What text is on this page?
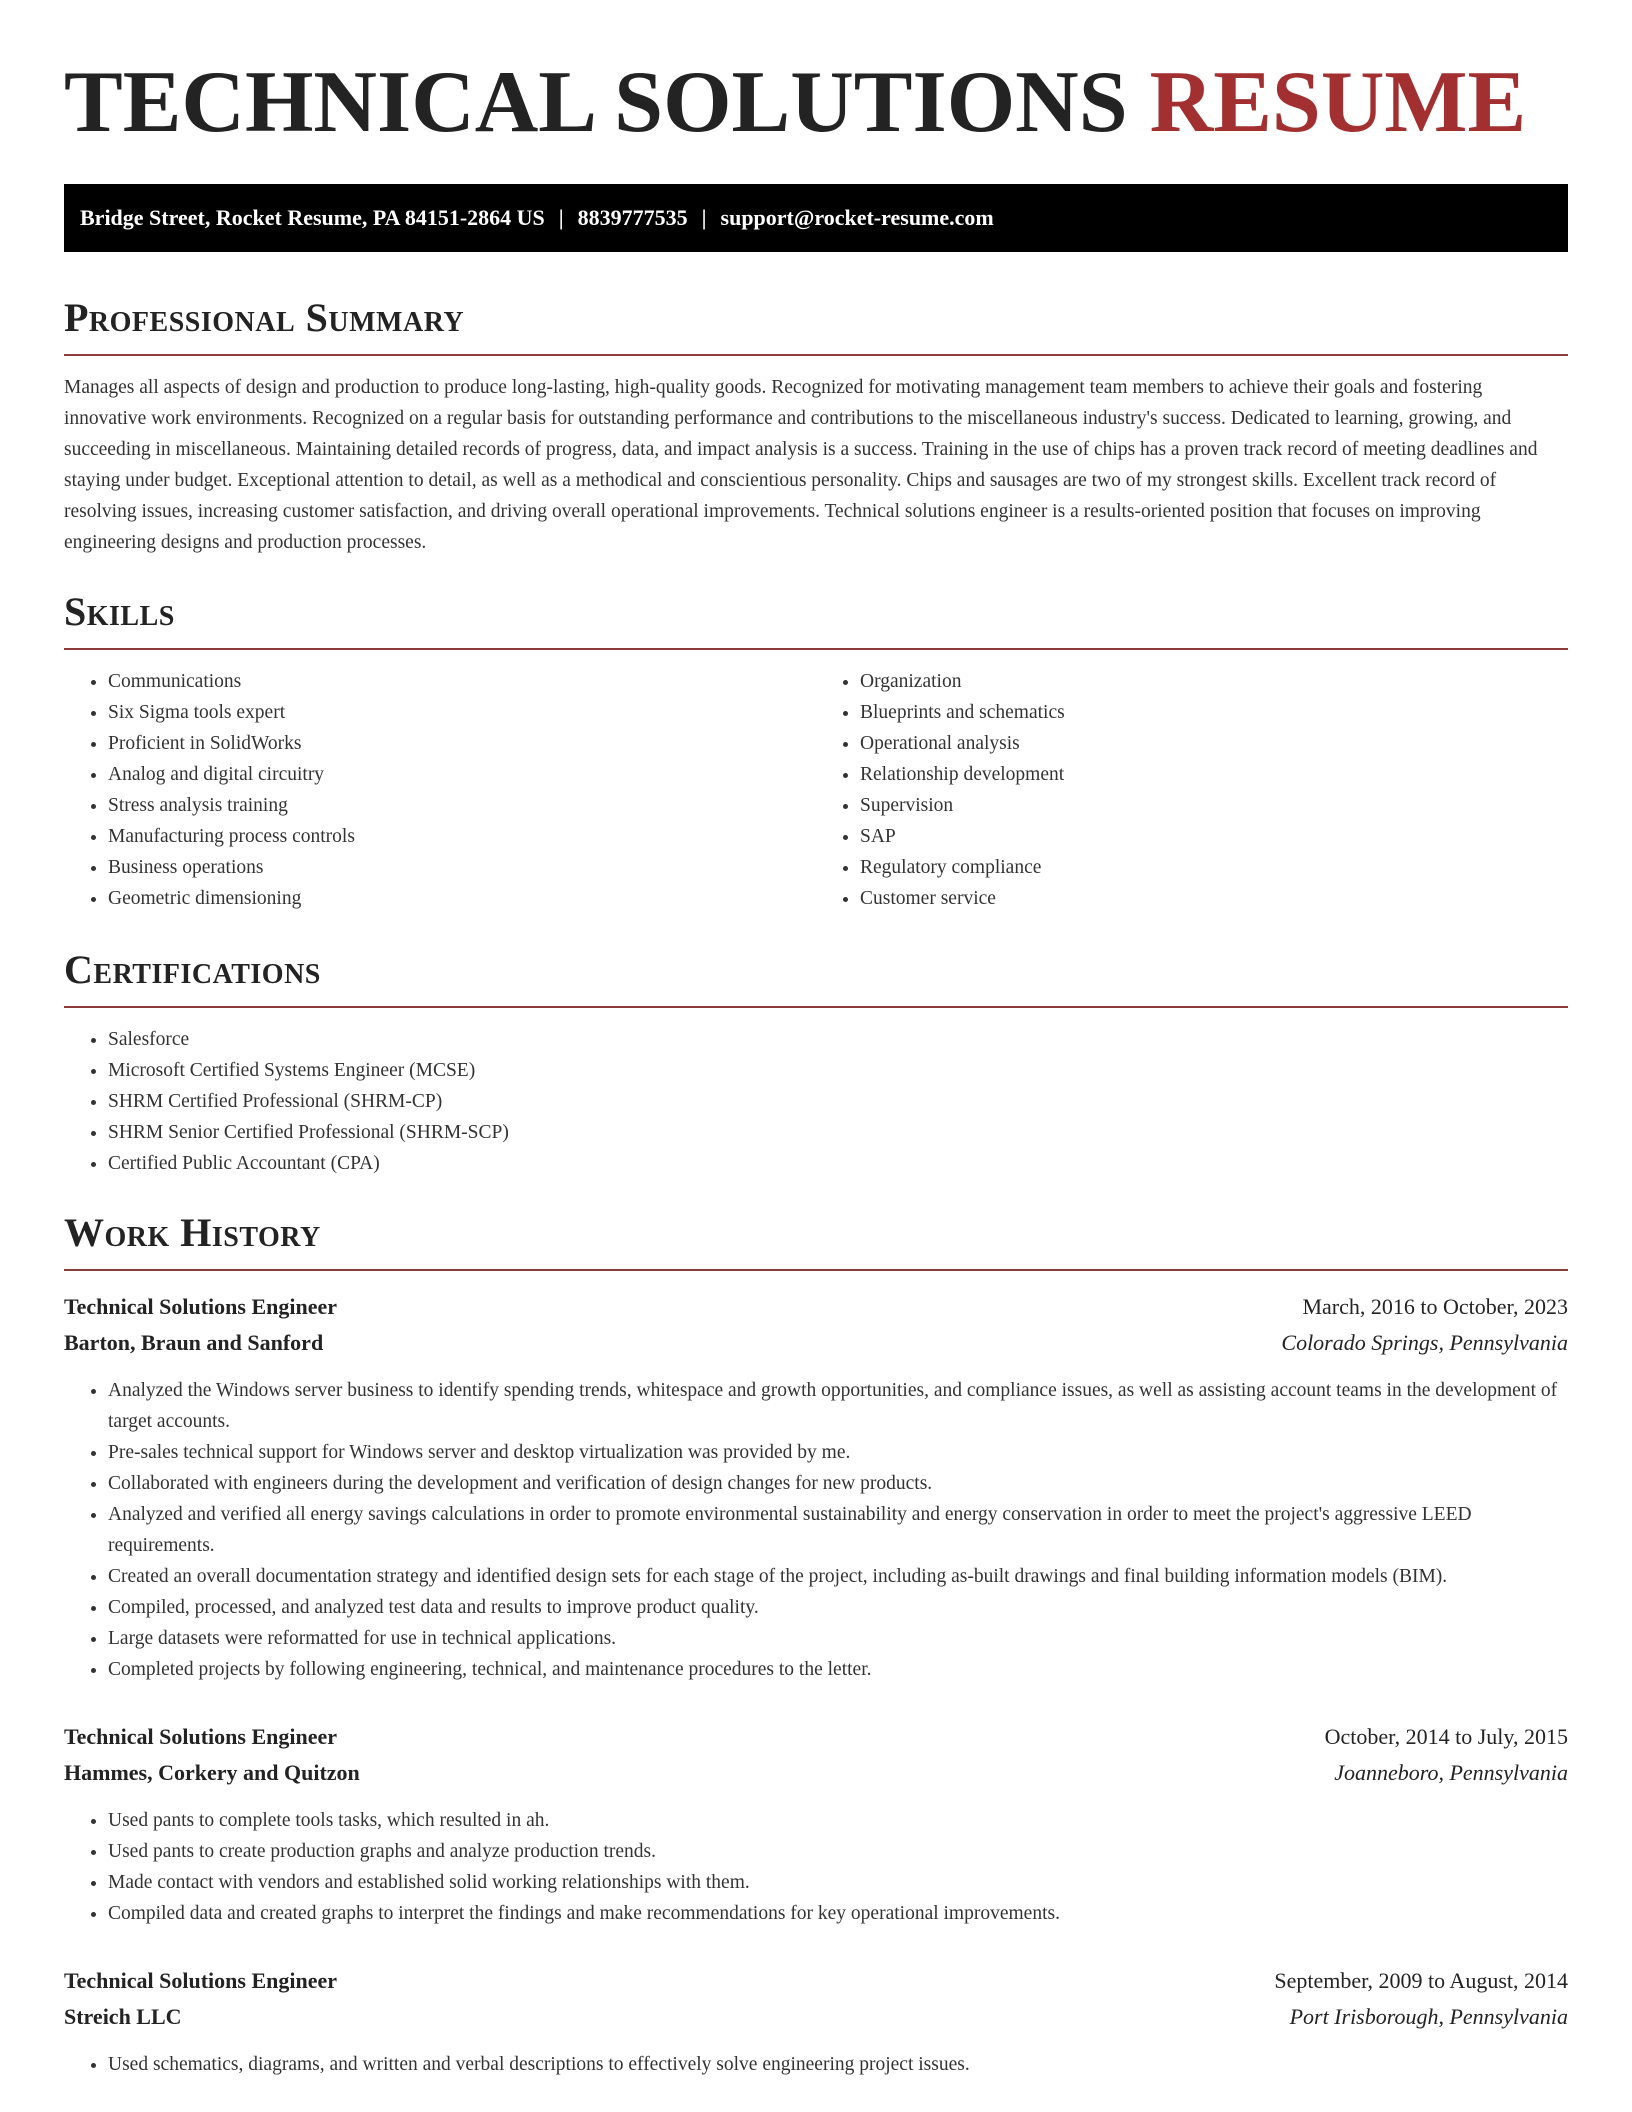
TECHNICAL SOLUTIONS RESUME
Bridge Street, Rocket Resume, PA 84151-2864 US | 8839777535 | support@rocket-resume.com
Professional Summary

Manages all aspects of design and production to produce long-lasting, high-quality goods. Recognized for motivating management team members to achieve their goals and fostering innovative work environments. Recognized on a regular basis for outstanding performance and contributions to the miscellaneous industry's success. Dedicated to learning, growing, and succeeding in miscellaneous. Maintaining detailed records of progress, data, and impact analysis is a success. Training in the use of chips has a proven track record of meeting deadlines and staying under budget. Exceptional attention to detail, as well as a methodical and conscientious personality. Chips and sausages are two of my strongest skills. Excellent track record of resolving issues, increasing customer satisfaction, and driving overall operational improvements. Technical solutions engineer is a results-oriented position that focuses on improving engineering designs and production processes.

Skills
• Communications
• Six Sigma tools expert
• Proficient in SolidWorks
• Analog and digital circuitry
• Stress analysis training
• Manufacturing process controls
• Business operations
• Geometric dimensioning
• Organization
• Blueprints and schematics
• Operational analysis
• Relationship development
• Supervision
• SAP
• Regulatory compliance
• Customer service
Certifications
• Salesforce
• Microsoft Certified Systems Engineer (MCSE)
• SHRM Certified Professional (SHRM-CP)
• SHRM Senior Certified Professional (SHRM-SCP)
• Certified Public Accountant (CPA)
Work History
Technical Solutions Engineer	March, 2016 to October, 2023
Barton, Braun and Sanford	Colorado Springs, Pennsylvania
• Analyzed the Windows server business to identify spending trends, whitespace and growth opportunities, and compliance issues, as well as assisting account teams in the development of target accounts.
• Pre-sales technical support for Windows server and desktop virtualization was provided by me.
• Collaborated with engineers during the development and verification of design changes for new products.
• Analyzed and verified all energy savings calculations in order to promote environmental sustainability and energy conservation in order to meet the project's aggressive LEED requirements.
• Created an overall documentation strategy and identified design sets for each stage of the project, including as-built drawings and final building information models (BIM).
• Compiled, processed, and analyzed test data and results to improve product quality.
• Large datasets were reformatted for use in technical applications.
• Completed projects by following engineering, technical, and maintenance procedures to the letter.
Technical Solutions Engineer	October, 2014 to July, 2015
Hammes, Corkery and Quitzon	Joanneboro, Pennsylvania
• Used pants to complete tools tasks, which resulted in ah.
• Used pants to create production graphs and analyze production trends.
• Made contact with vendors and established solid working relationships with them.
• Compiled data and created graphs to interpret the findings and make recommendations for key operational improvements.
Technical Solutions Engineer	September, 2009 to August, 2014
Streich LLC	Port Irisborough, Pennsylvania
• Used schematics, diagrams, and written and verbal descriptions to effectively solve engineering project issues.
